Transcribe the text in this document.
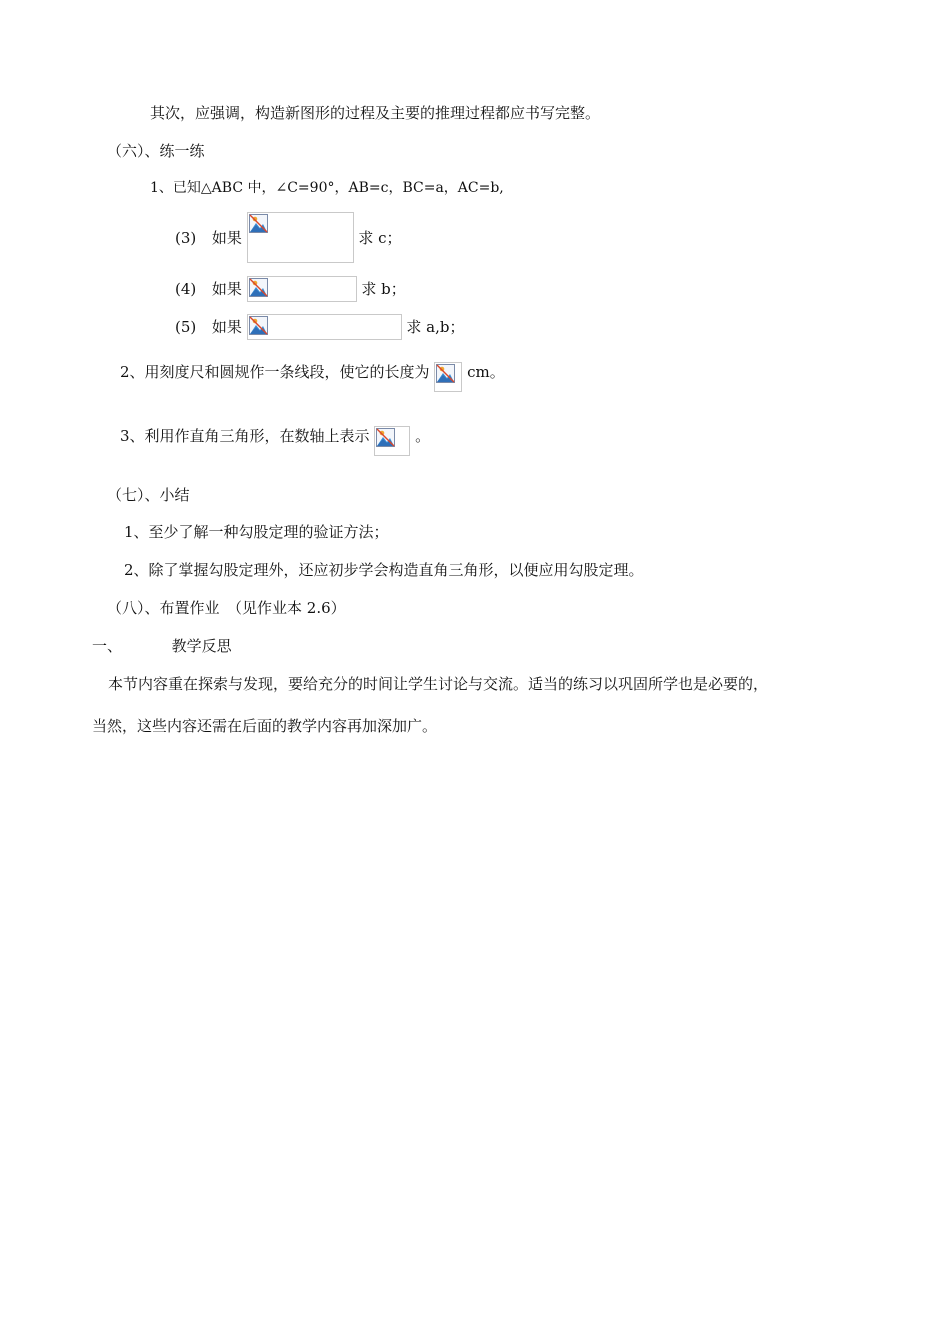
其次，应强调，构造新图形的过程及主要的推理过程都应书写完整。
（六）、练一练
1、已知△ABC 中，∠C=90°，AB=c，BC=a，AC=b,
(3) 如果	求 c；
(4) 如果	求 b；
(5) 如果	求 a,b；
2、用刻度尺和圆规作一条线段，使它的长度为	cm。
3、利用作直角三角形，在数轴上表示	。
（七）、小结
1、至少了解一种勾股定理的验证方法；
2、除了掌握勾股定理外，还应初步学会构造直角三角形，以便应用勾股定理。
（八）、布置作业　（见作业本 2.6）
一、	教学反思
本节内容重在探索与发现，要给充分的时间让学生讨论与交流。适当的练习以巩固所学也是必要的，
当然，这些内容还需在后面的教学内容再加深加广。
